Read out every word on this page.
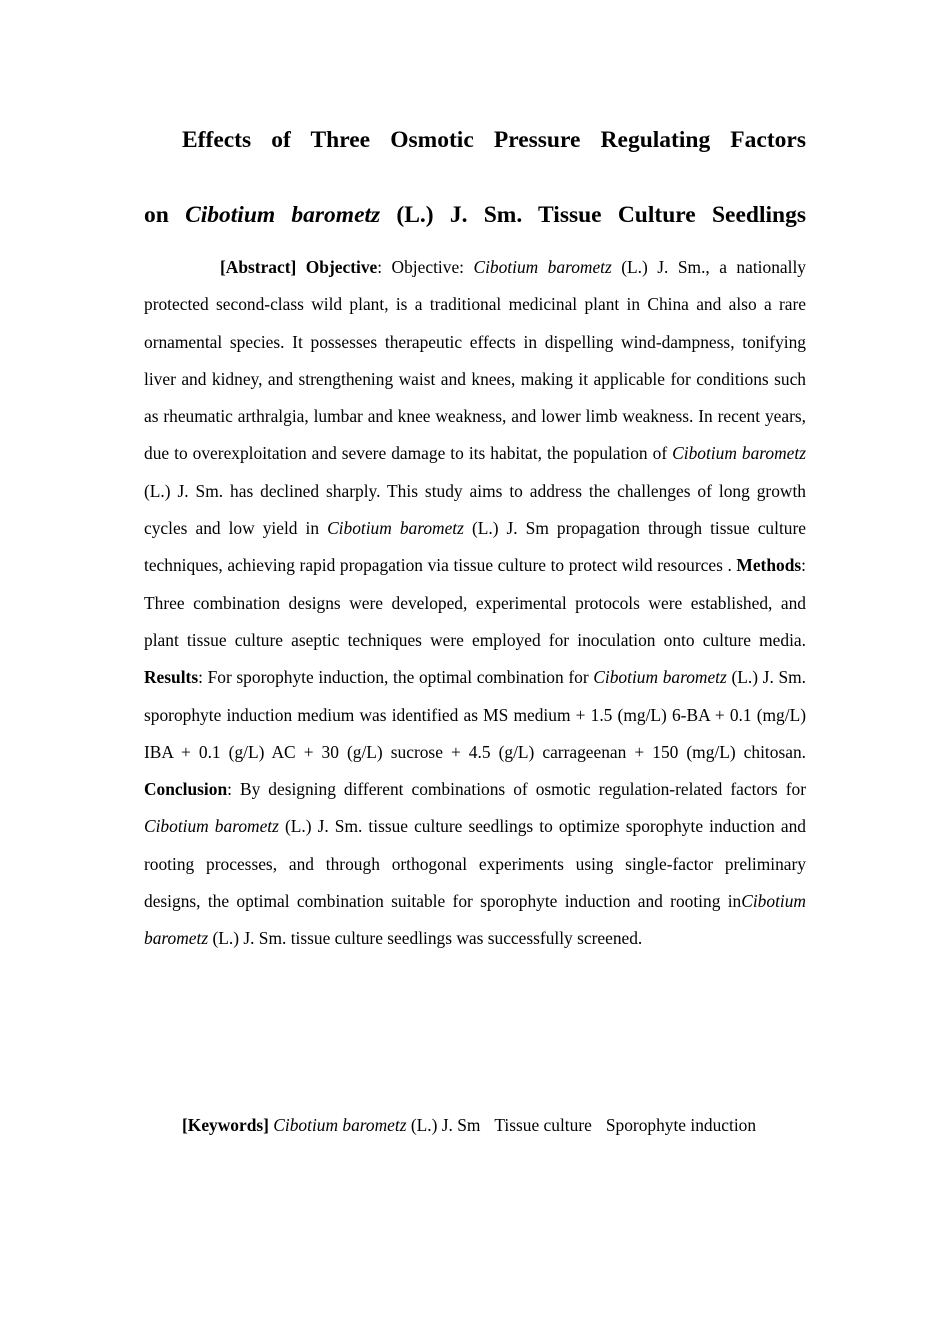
Effects of Three Osmotic Pressure Regulating Factors
on Cibotium barometz (L.) J. Sm. Tissue Culture Seedlings

[Abstract] Objective: Objective: Cibotium barometz (L.) J. Sm., a nationally protected second-class wild plant, is a traditional medicinal plant in China and also a rare ornamental species. It possesses therapeutic effects in dispelling wind-dampness, tonifying liver and kidney, and strengthening waist and knees, making it applicable for conditions such as rheumatic arthralgia, lumbar and knee weakness, and lower limb weakness. In recent years, due to overexploitation and severe damage to its habitat, the population of Cibotium barometz (L.) J. Sm. has declined sharply. This study aims to address the challenges of long growth cycles and low yield in Cibotium barometz (L.) J. Sm propagation through tissue culture techniques, achieving rapid propagation via tissue culture to protect wild resources . Methods: Three combination designs were developed, experimental protocols were established, and plant tissue culture aseptic techniques were employed for inoculation onto culture media. Results: For sporophyte induction, the optimal combination for Cibotium barometz (L.) J. Sm. sporophyte induction medium was identified as MS medium + 1.5 (mg/L) 6-BA + 0.1 (mg/L) IBA + 0.1 (g/L) AC + 30 (g/L) sucrose + 4.5 (g/L) carrageenan + 150 (mg/L) chitosan. Conclusion: By designing different combinations of osmotic regulation-related factors for Cibotium barometz (L.) J. Sm. tissue culture seedlings to optimize sporophyte induction and rooting processes, and through orthogonal experiments using single-factor preliminary designs, the optimal combination suitable for sporophyte induction and rooting inCibotium barometz (L.) J. Sm. tissue culture seedlings was successfully screened.

[Keywords] Cibotium barometz (L.) J. Sm Tissue culture Sporophyte induction
